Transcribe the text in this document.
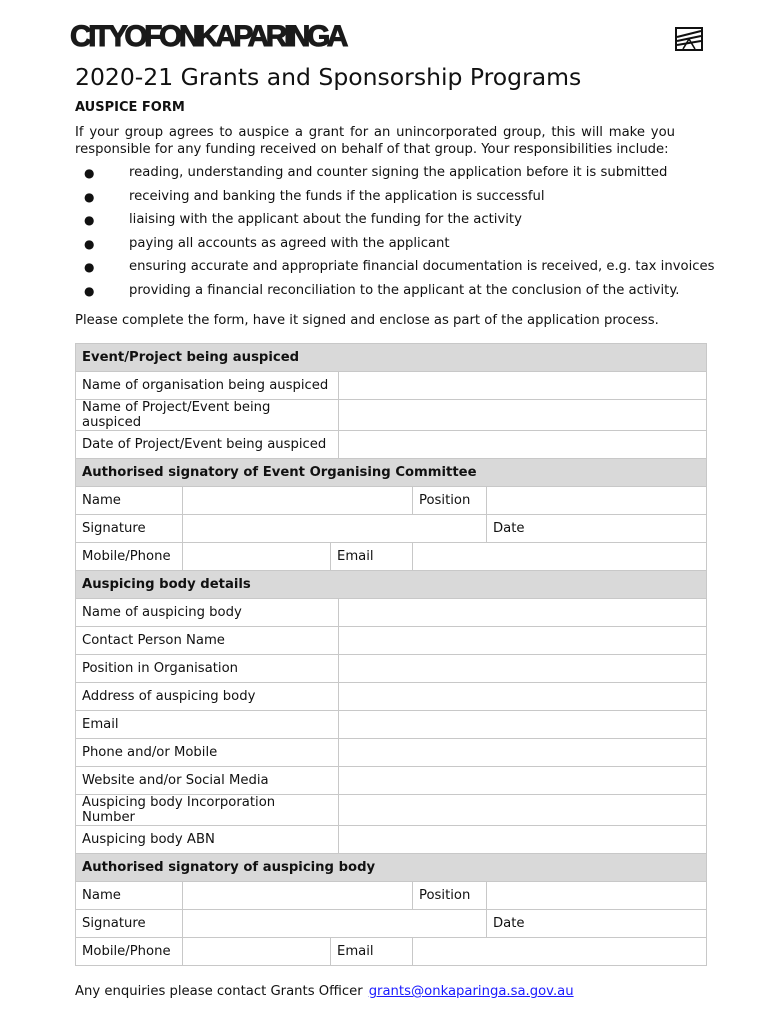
CITYOFONKAPARINGA
2020-21 Grants and Sponsorship Programs
AUSPICE FORM

If your group agrees to auspice a grant for an unincorporated group, this will make you responsible for any funding received on behalf of that group. Your responsibilities include:

●	reading, understanding and counter signing the application before it is submitted
●	receiving and banking the funds if the application is successful
●	liaising with the applicant about the funding for the activity
●	paying all accounts as agreed with the applicant
●	ensuring accurate and appropriate financial documentation is received, e.g. tax invoices
●	providing a financial reconciliation to the applicant at the conclusion of the activity.

Please complete the form, have it signed and enclose as part of the application process.

Event/Project being auspiced					
Name of organisation being auspiced					
Name of Project/Event being auspiced					
Date of Project/Event being auspiced					
Authorised signatory of Event Organising Committee					
Name				Position	
Signature					Date
Mobile/Phone		Email			
Auspicing body details					
Name of auspicing body					
Contact Person Name					
Position in Organisation					
Address of auspicing body					
Email					
Phone and/or Mobile					
Website and/or Social Media					
Auspicing body Incorporation Number					
Auspicing body ABN					
Authorised signatory of auspicing body					
Name				Position	
Signature					Date
Mobile/Phone		Email			
Any enquiries please contact Grants Officer grants@onkaparinga.sa.gov.au
